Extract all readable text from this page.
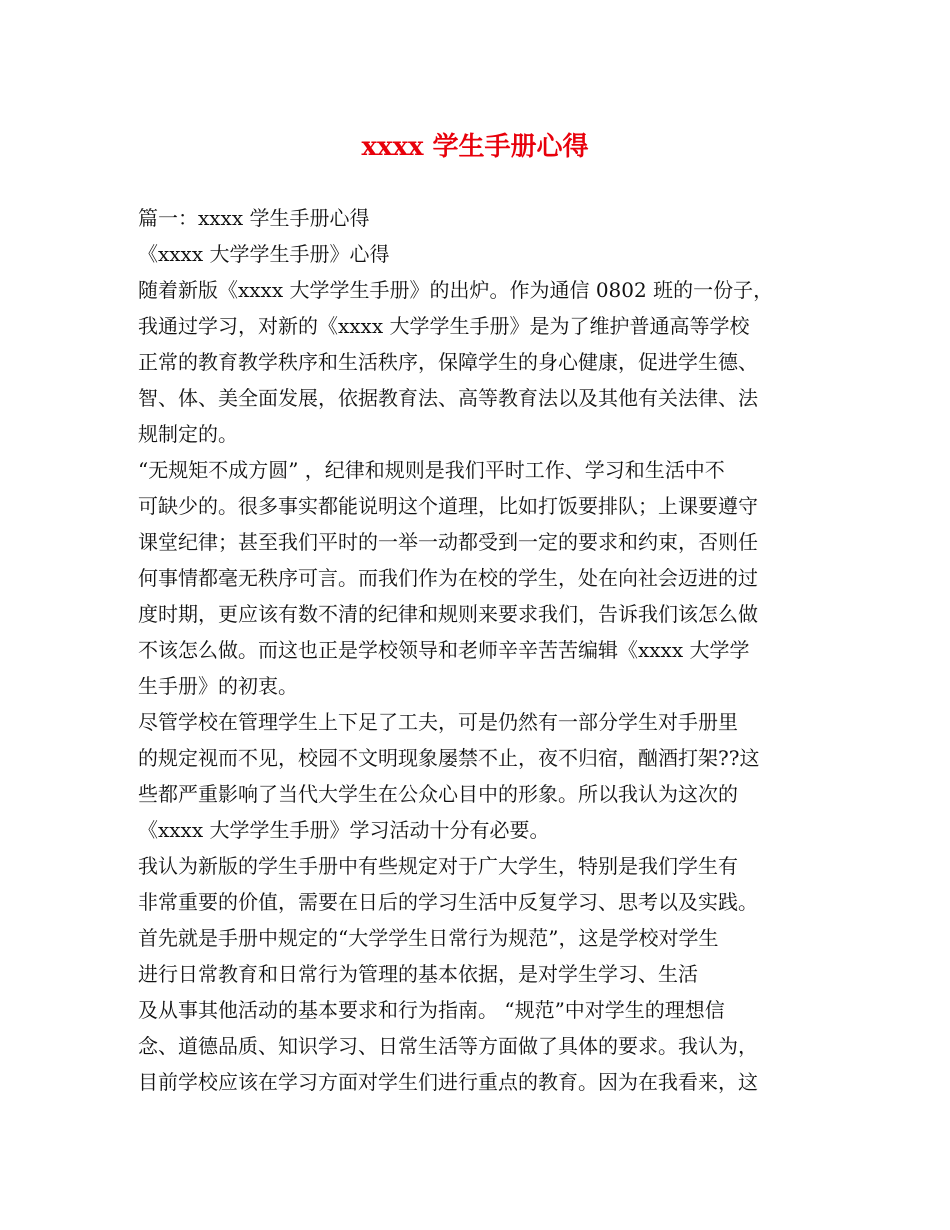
xxxx 学生手册心得
篇一：xxxx 学生手册心得
《xxxx 大学学生手册》心得
随着新版《xxxx 大学学生手册》的出炉。作为通信 0802 班的一份子，
我通过学习，对新的《xxxx 大学学生手册》是为了维护普通高等学校
正常的教育教学秩序和生活秩序，保障学生的身心健康，促进学生德、
智、体、美全面发展，依据教育法、高等教育法以及其他有关法律、法
规制定的。
“无规矩不成方圆” ，纪律和规则是我们平时工作、学习和生活中不
可缺少的。很多事实都能说明这个道理，比如打饭要排队；上课要遵守
课堂纪律；甚至我们平时的一举一动都受到一定的要求和约束，否则任
何事情都毫无秩序可言。而我们作为在校的学生，处在向社会迈进的过
度时期，更应该有数不清的纪律和规则来要求我们，告诉我们该怎么做
不该怎么做。而这也正是学校领导和老师辛辛苦苦编辑《xxxx 大学学
生手册》的初衷。
尽管学校在管理学生上下足了工夫，可是仍然有一部分学生对手册里
的规定视而不见，校园不文明现象屡禁不止，夜不归宿，酗酒打架??这
些都严重影响了当代大学生在公众心目中的形象。所以我认为这次的
《xxxx 大学学生手册》学习活动十分有必要。
我认为新版的学生手册中有些规定对于广大学生，特别是我们学生有
非常重要的价值，需要在日后的学习生活中反复学习、思考以及实践。
首先就是手册中规定的“大学学生日常行为规范”，这是学校对学生
进行日常教育和日常行为管理的基本依据，是对学生学习、生活
及从事其他活动的基本要求和行为指南。 “规范”中对学生的理想信
念、道德品质、知识学习、日常生活等方面做了具体的要求。我认为，
目前学校应该在学习方面对学生们进行重点的教育。因为在我看来，这
